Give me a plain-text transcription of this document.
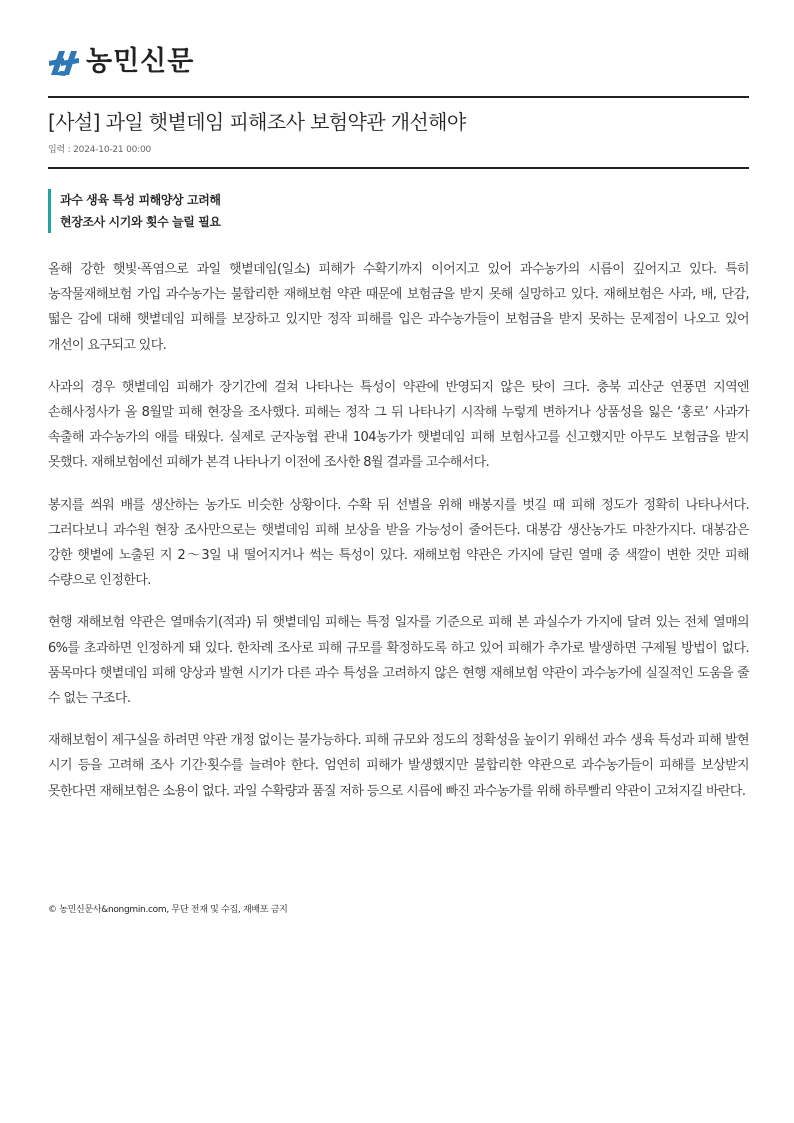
농민신문
[사설] 과일 햇볕데임 피해조사 보험약관 개선해야
입력 : 2024-10-21 00:00
과수 생육 특성 피해양상 고려해
현장조사 시기와 횟수 늘릴 필요

올해 강한 햇빛·폭염으로 과일 햇볕데임(일소) 피해가 수확기까지 이어지고 있어 과수농가의 시름이 깊어지고 있다. 특히 농작물재해보험 가입 과수농가는 불합리한 재해보험 약관 때문에 보험금을 받지 못해 실망하고 있다. 재해보험은 사과, 배, 단감, 떫은 감에 대해 햇볕데임 피해를 보장하고 있지만 정작 피해를 입은 과수농가들이 보험금을 받지 못하는 문제점이 나오고 있어 개선이 요구되고 있다.

사과의 경우 햇볕데임 피해가 장기간에 걸쳐 나타나는 특성이 약관에 반영되지 않은 탓이 크다. 충북 괴산군 연풍면 지역엔 손해사정사가 올 8월말 피해 현장을 조사했다. 피해는 정작 그 뒤 나타나기 시작해 누렇게 변하거나 상품성을 잃은 ‘홍로’ 사과가 속출해 과수농가의 애를 태웠다. 실제로 군자농협 관내 104농가가 햇볕데임 피해 보험사고를 신고했지만 아무도 보험금을 받지 못했다. 재해보험에선 피해가 본격 나타나기 이전에 조사한 8월 결과를 고수해서다.

봉지를 씌워 배를 생산하는 농가도 비슷한 상황이다. 수확 뒤 선별을 위해 배봉지를 벗길 때 피해 정도가 정확히 나타나서다. 그러다보니 과수원 현장 조사만으로는 햇볕데임 피해 보상을 받을 가능성이 줄어든다. 대봉감 생산농가도 마찬가지다. 대봉감은 강한 햇볕에 노출된 지 2～3일 내 떨어지거나 썩는 특성이 있다. 재해보험 약관은 가지에 달린 열매 중 색깔이 변한 것만 피해 수량으로 인정한다.

현행 재해보험 약관은 열매솎기(적과) 뒤 햇볕데임 피해는 특정 일자를 기준으로 피해 본 과실수가 가지에 달려 있는 전체 열매의 6%를 초과하면 인정하게 돼 있다. 한차례 조사로 피해 규모를 확정하도록 하고 있어 피해가 추가로 발생하면 구제될 방법이 없다. 품목마다 햇볕데임 피해 양상과 발현 시기가 다른 과수 특성을 고려하지 않은 현행 재해보험 약관이 과수농가에 실질적인 도움을 줄 수 없는 구조다.

재해보험이 제구실을 하려면 약관 개정 없이는 불가능하다. 피해 규모와 정도의 정확성을 높이기 위해선 과수 생육 특성과 피해 발현 시기 등을 고려해 조사 기간·횟수를 늘려야 한다. 엄연히 피해가 발생했지만 불합리한 약관으로 과수농가들이 피해를 보상받지 못한다면 재해보험은 소용이 없다. 과일 수확량과 품질 저하 등으로 시름에 빠진 과수농가를 위해 하루빨리 약관이 고쳐지길 바란다.

© 농민신문사&nongmin.com, 무단 전재 및 수집, 재배포 금지
